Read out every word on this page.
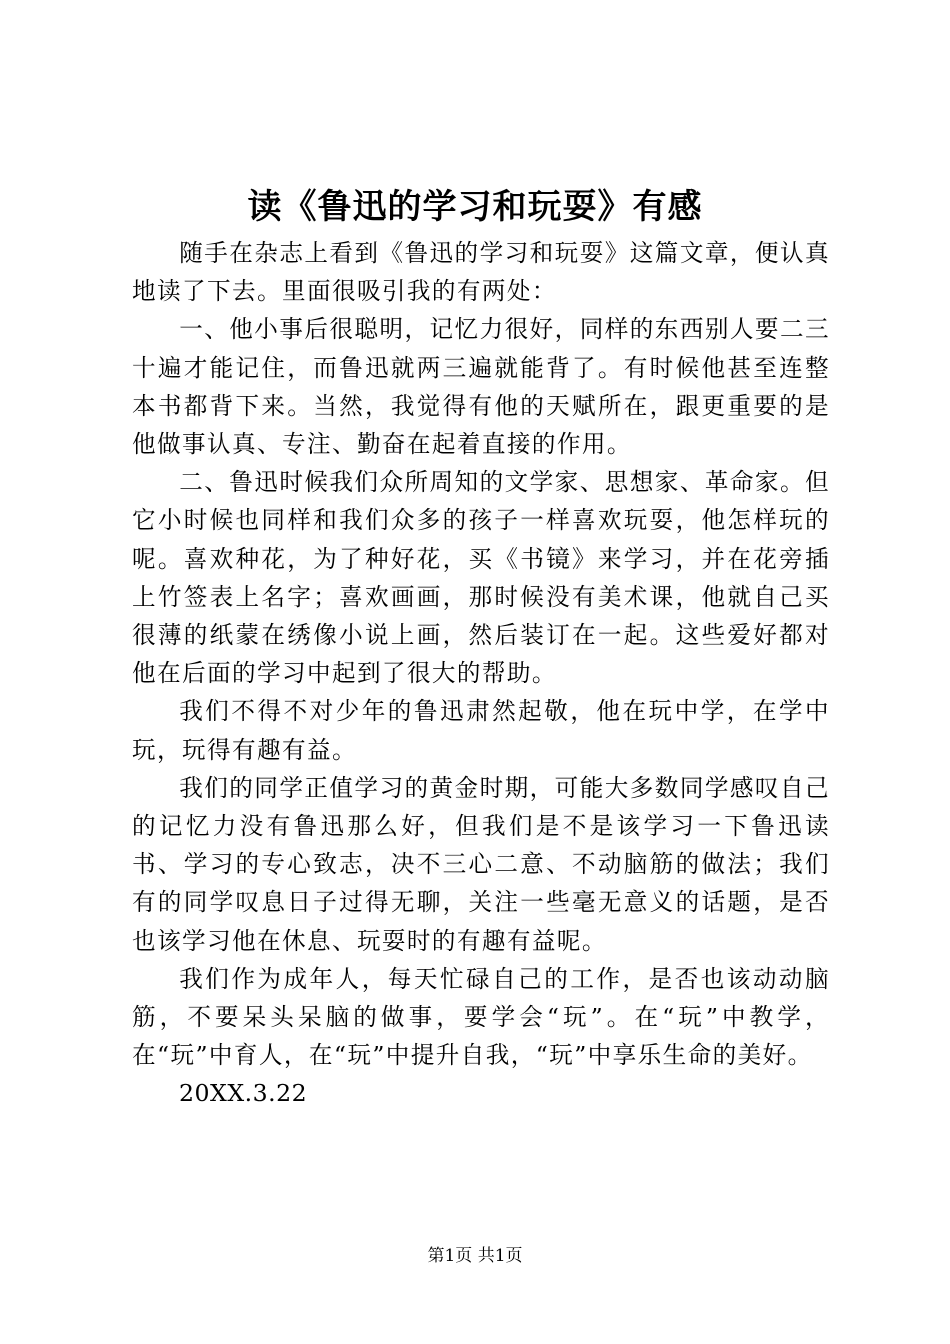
读《鲁迅的学习和玩耍》有感

随手在杂志上看到《鲁迅的学习和玩耍》这篇文章，便认真地读了下去。里面很吸引我的有两处：

一、他小事后很聪明，记忆力很好，同样的东西别人要二三十遍才能记住，而鲁迅就两三遍就能背了。有时候他甚至连整本书都背下来。当然，我觉得有他的天赋所在，跟更重要的是他做事认真、专注、勤奋在起着直接的作用。

二、鲁迅时候我们众所周知的文学家、思想家、革命家。但它小时候也同样和我们众多的孩子一样喜欢玩耍，他怎样玩的呢。喜欢种花，为了种好花，买《书镜》来学习，并在花旁插上竹签表上名字；喜欢画画，那时候没有美术课，他就自己买很薄的纸蒙在绣像小说上画，然后装订在一起。这些爱好都对他在后面的学习中起到了很大的帮助。

我们不得不对少年的鲁迅肃然起敬，他在玩中学，在学中玩，玩得有趣有益。

我们的同学正值学习的黄金时期，可能大多数同学感叹自己的记忆力没有鲁迅那么好，但我们是不是该学习一下鲁迅读书、学习的专心致志，决不三心二意、不动脑筋的做法；我们有的同学叹息日子过得无聊，关注一些毫无意义的话题，是否也该学习他在休息、玩耍时的有趣有益呢。

我们作为成年人，每天忙碌自己的工作，是否也该动动脑筋，不要呆头呆脑的做事，要学会“玩”。在“玩”中教学，在“玩”中育人，在“玩”中提升自我，“玩”中享乐生命的美好。

20XX.3.22

第1页 共1页
